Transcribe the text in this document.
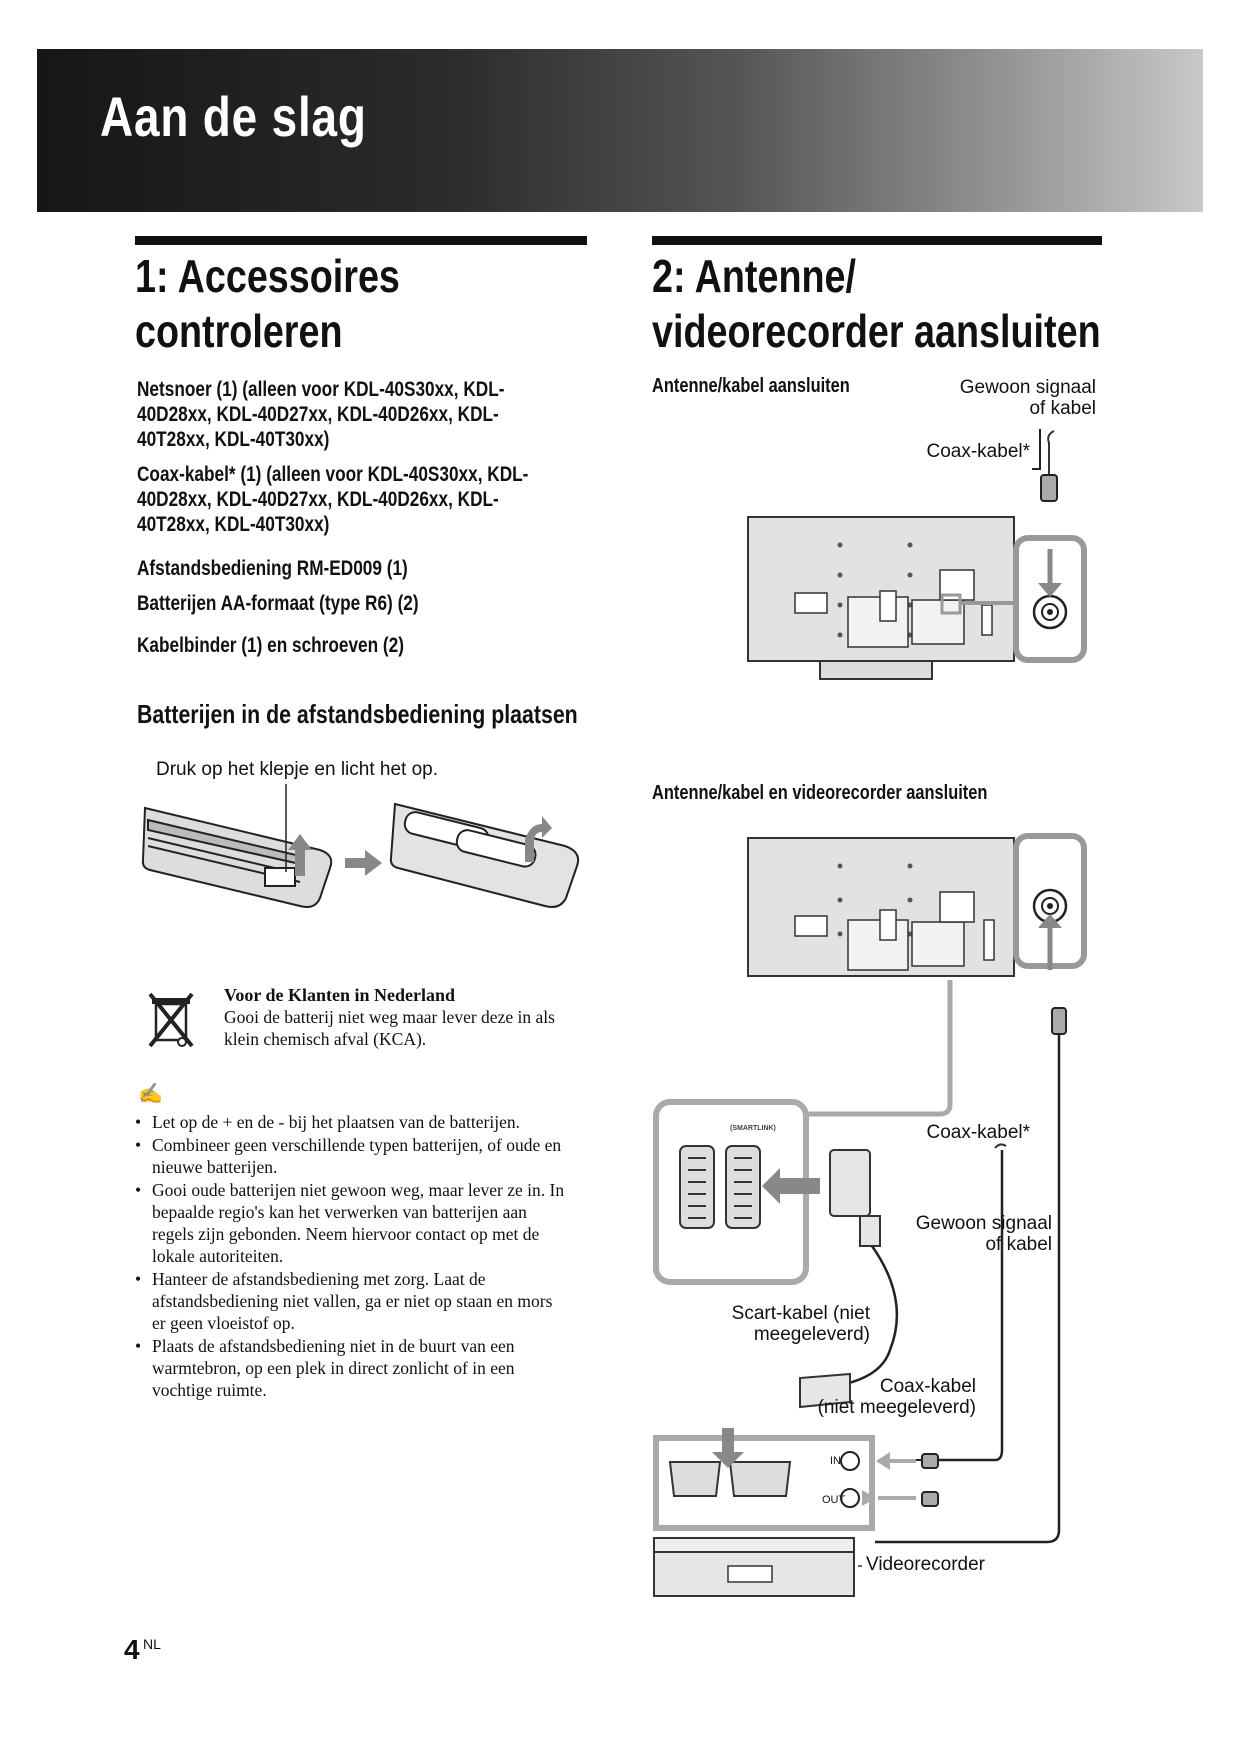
Aan de slag
1: Accessoires
controleren
Netsnoer (1) (alleen voor KDL-40S30xx, KDL-
40D28xx, KDL-40D27xx, KDL-40D26xx, KDL-
40T28xx, KDL-40T30xx)
Coax-kabel* (1) (alleen voor KDL-40S30xx, KDL-
40D28xx, KDL-40D27xx, KDL-40D26xx, KDL-
40T28xx, KDL-40T30xx)
Afstandsbediening RM-ED009 (1)
Batterijen AA-formaat (type R6) (2)
Kabelbinder (1) en schroeven (2)
Batterijen in de afstandsbediening plaatsen
Druk op het klepje en licht het op.
Voor de Klanten in Nederland
Gooi de batterij niet weg maar lever deze in als
klein chemisch afval (KCA).
✍
• Let op de + en de - bij het plaatsen van de batterijen.
• Combineer geen verschillende typen batterijen, of oude en
nieuwe batterijen.
• Gooi oude batterijen niet gewoon weg, maar lever ze in. In
bepaalde regio's kan het verwerken van batterijen aan
regels zijn gebonden. Neem hiervoor contact op met de
lokale autoriteiten.
• Hanteer de afstandsbediening met zorg. Laat de
afstandsbediening niet vallen, ga er niet op staan en mors
er geen vloeistof op.
• Plaats de afstandsbediening niet in de buurt van een
warmtebron, op een plek in direct zonlicht of in een
vochtige ruimte.
2: Antenne/
videorecorder aansluiten
Antenne/kabel aansluiten	Gewoon signaal
of kabel
Coax-kabel*
Antenne/kabel en videorecorder aansluiten
(SMARTLINK)	Coax-kabel*
Gewoon signaal
of kabel
Scart-kabel (niet
meegeleverd)
Coax-kabel
(niet meegeleverd)
IN
OUT
Videorecorder
4 NL
